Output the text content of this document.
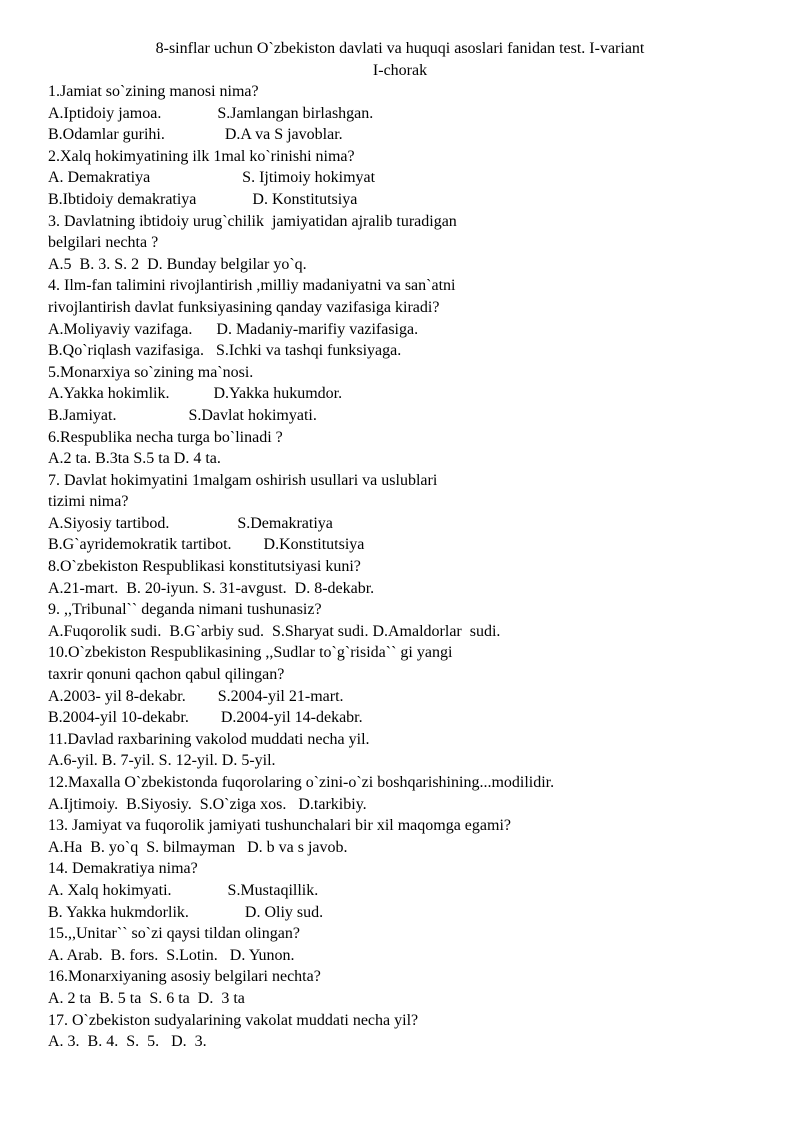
8-sinflar uchun O`zbekiston davlati va huquqi asoslari fanidan test. I-variant
I-chorak
1.Jamiat so`zining manosi nima?
A.Iptidoiy jamoa.              S.Jamlangan birlashgan.
B.Odamlar gurihi.               D.A va S javoblar.
2.Xalq hokimyatining ilk 1mal ko`rinishi nima?
A. Demakratiya                       S. Ijtimoiy hokimyat
B.Ibtidoiy demakratiya              D. Konstitutsiya
3. Davlatning ibtidoiy urug`chilik  jamiyatidan ajralib turadigan
belgilari nechta ?
A.5  B. 3. S. 2  D. Bunday belgilar yo`q.
4. Ilm-fan talimini rivojlantirish ,milliy madaniyatni va san`atni
rivojlantirish davlat funksiyasining qanday vazifasiga kiradi?
A.Moliyaviy vazifaga.      D. Madaniy-marifiy vazifasiga.
B.Qo`riqlash vazifasiga.   S.Ichki va tashqi funksiyaga.
5.Monarxiya so`zining ma`nosi.
A.Yakka hokimlik.           D.Yakka hukumdor.
B.Jamiyat.                  S.Davlat hokimyati.
6.Respublika necha turga bo`linadi ?
A.2 ta. B.3ta S.5 ta D. 4 ta.
7. Davlat hokimyatini 1malgam oshirish usullari va uslublari
tizimi nima?
A.Siyosiy tartibod.                 S.Demakratiya
B.G`ayridemokratik tartibot.        D.Konstitutsiya
8.O`zbekiston Respublikasi konstitutsiyasi kuni?
A.21-mart.  B. 20-iyun. S. 31-avgust.  D. 8-dekabr.
9. ,,Tribunal`` deganda nimani tushunasiz?
A.Fuqorolik sudi.  B.G`arbiy sud.  S.Sharyat sudi. D.Amaldorlar  sudi.
10.O`zbekiston Respublikasining ,,Sudlar to`g`risida`` gi yangi
taxrir qonuni qachon qabul qilingan?
A.2003- yil 8-dekabr.        S.2004-yil 21-mart.
B.2004-yil 10-dekabr.        D.2004-yil 14-dekabr.
11.Davlad raxbarining vakolod muddati necha yil.
A.6-yil. B. 7-yil. S. 12-yil. D. 5-yil.
12.Maxalla O`zbekistonda fuqorolaring o`zini-o`zi boshqarishining...modilidir.
A.Ijtimoiy.  B.Siyosiy.  S.O`ziga xos.   D.tarkibiy.
13. Jamiyat va fuqorolik jamiyati tushunchalari bir xil maqomga egami?
A.Ha  B. yo`q  S. bilmayman   D. b va s javob.
14. Demakratiya nima?
A. Xalq hokimyati.              S.Mustaqillik.
B. Yakka hukmdorlik.              D. Oliy sud.
15.,,Unitar`` so`zi qaysi tildan olingan?
A. Arab.  B. fors.  S.Lotin.   D. Yunon.
16.Monarxiyaning asosiy belgilari nechta?
A. 2 ta  B. 5 ta  S. 6 ta  D.  3 ta
17. O`zbekiston sudyalarining vakolat muddati necha yil?
A. 3.  B. 4.  S.  5.   D.  3.
